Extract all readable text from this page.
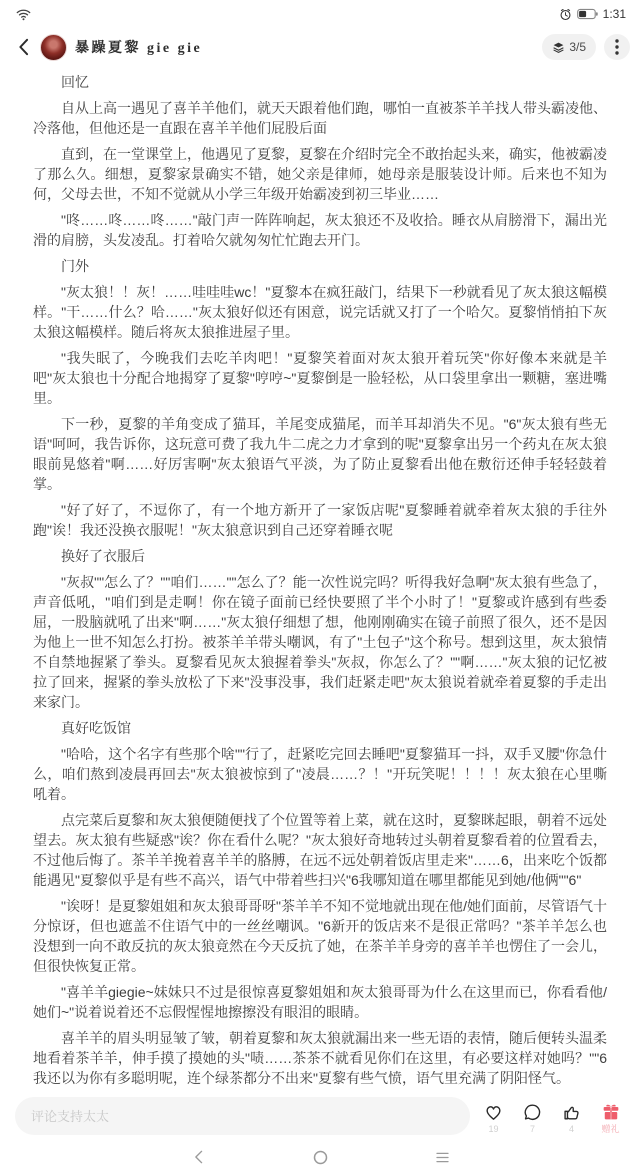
1:31
暴躁夏黎 gie gie	3/5

回忆

自从上高一遇见了喜羊羊他们，就天天跟着他们跑，哪怕一直被茶羊羊找人带头霸凌他、冷落他，但他还是一直跟在喜羊羊他们屁股后面

直到，在一堂课堂上，他遇见了夏黎，夏黎在介绍时完全不敢抬起头来，确实，他被霸凌了那么久。细想，夏黎家景确实不错，她父亲是律师，她母亲是服装设计师。后来也不知为何，父母去世，不知不觉就从小学三年级开始霸凌到初三毕业……

"咚……咚……咚……"敲门声一阵阵响起，灰太狼还不及收拾。睡衣从肩膀滑下，漏出光滑的肩膀，头发凌乱。打着哈欠就匆匆忙忙跑去开门。

门外

"灰太狼！！灰！……哇哇哇wc！"夏黎本在疯狂敲门，结果下一秒就看见了灰太狼这幅模样。"干……什么？哈……"灰太狼好似还有困意，说完话就又打了一个哈欠。夏黎悄悄拍下灰太狼这幅模样。随后将灰太狼推进屋子里。

"我失眠了，今晚我们去吃羊肉吧！"夏黎笑着面对灰太狼开着玩笑"你好像本来就是羊吧"灰太狼也十分配合地揭穿了夏黎"哼哼~"夏黎倒是一脸轻松，从口袋里拿出一颗糖，塞进嘴里。

下一秒，夏黎的羊角变成了猫耳，羊尾变成猫尾，而羊耳却消失不见。"6"灰太狼有些无语"呵呵，我告诉你，这玩意可费了我九牛二虎之力才拿到的呢"夏黎拿出另一个药丸在灰太狼眼前晃悠着"啊……好厉害啊"灰太狼语气平淡，为了防止夏黎看出他在敷衍还伸手轻轻鼓着掌。

"好了好了，不逗你了，有一个地方新开了一家饭店呢"夏黎睡着就牵着灰太狼的手往外跑"诶！我还没换衣服呢！"灰太狼意识到自己还穿着睡衣呢

换好了衣服后

"灰叔""怎么了？""咱们……""怎么了？能一次性说完吗？听得我好急啊"灰太狼有些急了，声音低吼，"咱们到是走啊！你在镜子面前已经快要照了半个小时了！"夏黎或许感到有些委屈，一股脑就吼了出来"啊……"灰太狼仔细想了想，他刚刚确实在镜子前照了很久，还不是因为他上一世不知怎么打扮。被茶羊羊带头嘲讽，有了"土包子"这个称号。想到这里，灰太狼情不自禁地握紧了拳头。夏黎看见灰太狼握着拳头"灰叔，你怎么了？""啊……"灰太狼的记忆被拉了回来，握紧的拳头放松了下来"没事没事，我们赶紧走吧"灰太狼说着就牵着夏黎的手走出来家门。

真好吃饭馆

"哈哈，这个名字有些那个啥""行了，赶紧吃完回去睡吧"夏黎猫耳一抖，双手叉腰"你急什么，咱们熬到凌晨再回去"灰太狼被惊到了"凌晨……？！"开玩笑呢！！！！灰太狼在心里嘶吼着。

点完菜后夏黎和灰太狼便随便找了个位置等着上菜，就在这时，夏黎眯起眼，朝着不远处望去。灰太狼有些疑惑"诶？你在看什么呢？"灰太狼好奇地转过头朝着夏黎看着的位置看去，不过他后悔了。茶羊羊挽着喜羊羊的胳膊，在远不远处朝着饭店里走来"……6，出来吃个饭都能遇见"夏黎似乎是有些不高兴，语气中带着些扫兴"6我哪知道在哪里都能见到她/他俩""6"

"诶呀！是夏黎姐姐和灰太狼哥哥呀"茶羊羊不知不觉地就出现在他/她们面前，尽管语气十分惊讶，但也遮盖不住语气中的一丝丝嘲讽。"6新开的饭店来不是很正常吗？"茶羊羊怎么也没想到一向不敢反抗的灰太狼竟然在今天反抗了她，在茶羊羊身旁的喜羊羊也愣住了一会儿，但很快恢复正常。

"喜羊羊giegie~妹妹只不过是很惊喜夏黎姐姐和灰太狼哥哥为什么在这里而已，你看看他/她们~"说着说着还不忘假惺惺地擦擦没有眼泪的眼睛。

喜羊羊的眉头明显皱了皱，朝着夏黎和灰太狼就漏出来一些无语的表情，随后便转头温柔地看着茶羊羊，伸手摸了摸她的头"啧……茶茶不就看见你们在这里，有必要这样对她吗？""6我还以为你有多聪明呢，连个绿茶都分不出来"夏黎有些气愤，语气里充满了阴阳怪气。

评论支持太太
19	7	4	赠礼
